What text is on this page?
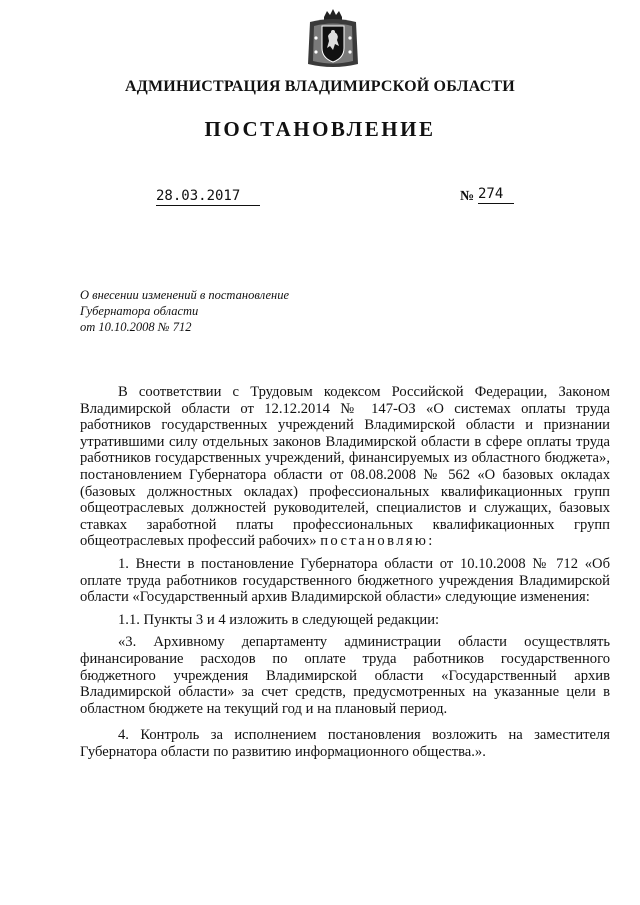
АДМИНИСТРАЦИЯ ВЛАДИМИРСКОЙ ОБЛАСТИ
ПОСТАНОВЛЕНИЕ
28.03.2017	№ 274
О внесении изменений в постановление
Губернатора области
от 10.10.2008 № 712

В соответствии с Трудовым кодексом Российской Федерации, Законом Владимирской области от 12.12.2014 № 147-ОЗ «О системах оплаты труда работников государственных учреждений Владимирской области и признании утратившими силу отдельных законов Владимирской области в сфере оплаты труда работников государственных учреждений, финансируемых из областного бюджета», постановлением Губернатора области от 08.08.2008 № 562 «О базовых окладах (базовых должностных окладах) профессиональных квалификационных групп общеотраслевых должностей руководителей, специалистов и служащих, базовых ставках заработной платы профессиональных квалификационных групп общеотраслевых профессий рабочих» постановляю:

1. Внести в постановление Губернатора области от 10.10.2008 № 712 «Об оплате труда работников государственного бюджетного учреждения Владимирской области «Государственный архив Владимирской области» следующие изменения:

1.1. Пункты 3 и 4 изложить в следующей редакции:

«3. Архивному департаменту администрации области осуществлять финансирование расходов по оплате труда работников государственного бюджетного учреждения Владимирской области «Государственный архив Владимирской области» за счет средств, предусмотренных на указанные цели в областном бюджете на текущий год и на плановый период.

4. Контроль за исполнением постановления возложить на заместителя Губернатора области по развитию информационного общества.».
